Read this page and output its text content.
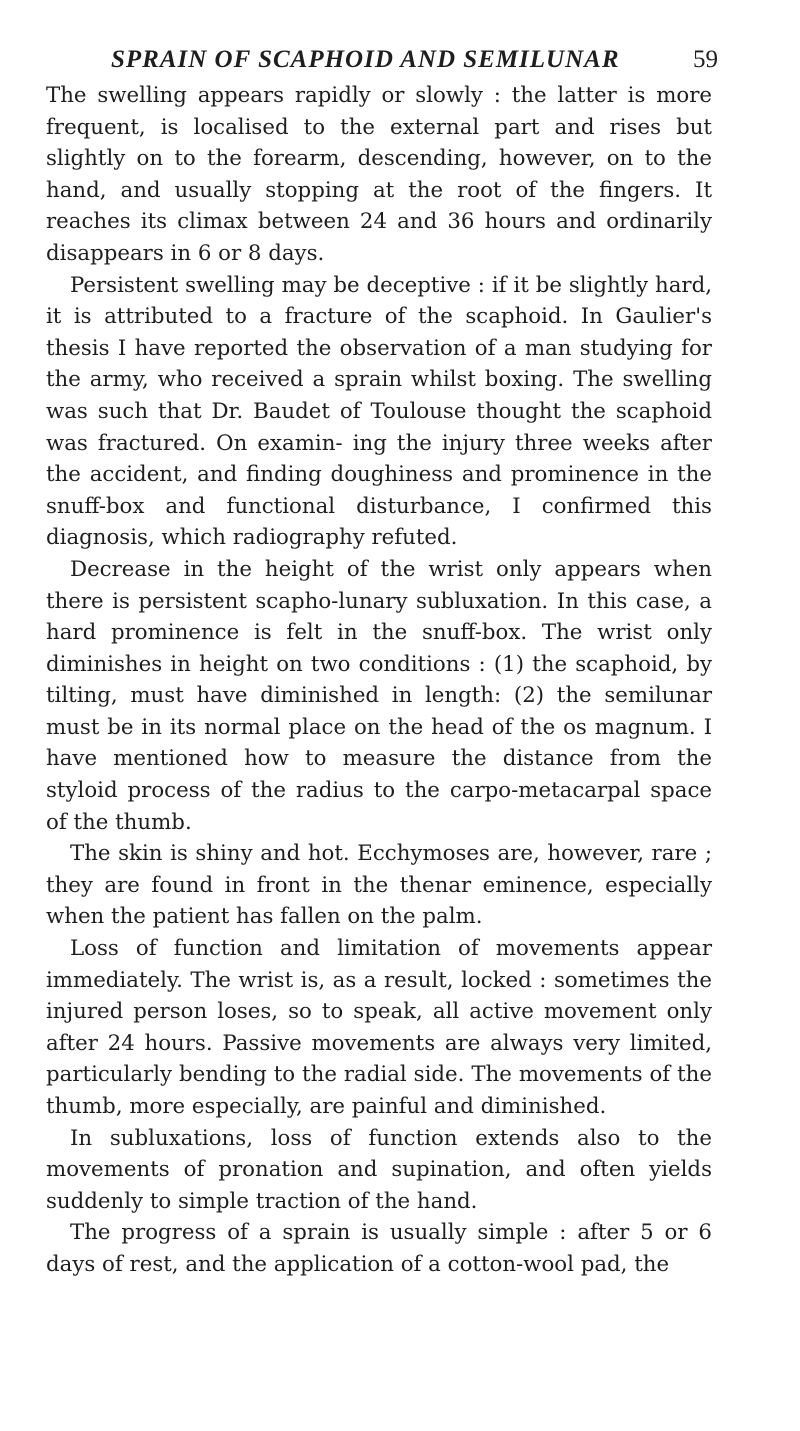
SPRAIN OF SCAPHOID AND SEMILUNAR	59

The swelling appears rapidly or slowly : the latter is more frequent, is localised to the external part and rises but slightly on to the forearm, descending, however, on to the hand, and usually stopping at the root of the fingers. It reaches its climax between 24 and 36 hours and ordinarily disappears in 6 or 8 days.

Persistent swelling may be deceptive : if it be slightly hard, it is attributed to a fracture of the scaphoid. In Gaulier's thesis I have reported the observation of a man studying for the army, who received a sprain whilst boxing. The swelling was such that Dr. Baudet of Toulouse thought the scaphoid was fractured. On examin- ing the injury three weeks after the accident, and finding doughiness and prominence in the snuff-box and functional disturbance, I confirmed this diagnosis, which radiography refuted.

Decrease in the height of the wrist only appears when there is persistent scapho-lunary subluxation. In this case, a hard prominence is felt in the snuff-box. The wrist only diminishes in height on two conditions : (1) the scaphoid, by tilting, must have diminished in length: (2) the semilunar must be in its normal place on the head of the os magnum. I have mentioned how to measure the distance from the styloid process of the radius to the carpo-metacarpal space of the thumb.

The skin is shiny and hot. Ecchymoses are, however, rare ; they are found in front in the thenar eminence, especially when the patient has fallen on the palm.

Loss of function and limitation of movements appear immediately. The wrist is, as a result, locked : sometimes the injured person loses, so to speak, all active movement only after 24 hours. Passive movements are always very limited, particularly bending to the radial side. The movements of the thumb, more especially, are painful and diminished.

In subluxations, loss of function extends also to the movements of pronation and supination, and often yields suddenly to simple traction of the hand.

The progress of a sprain is usually simple : after 5 or 6 days of rest, and the application of a cotton-wool pad, the
